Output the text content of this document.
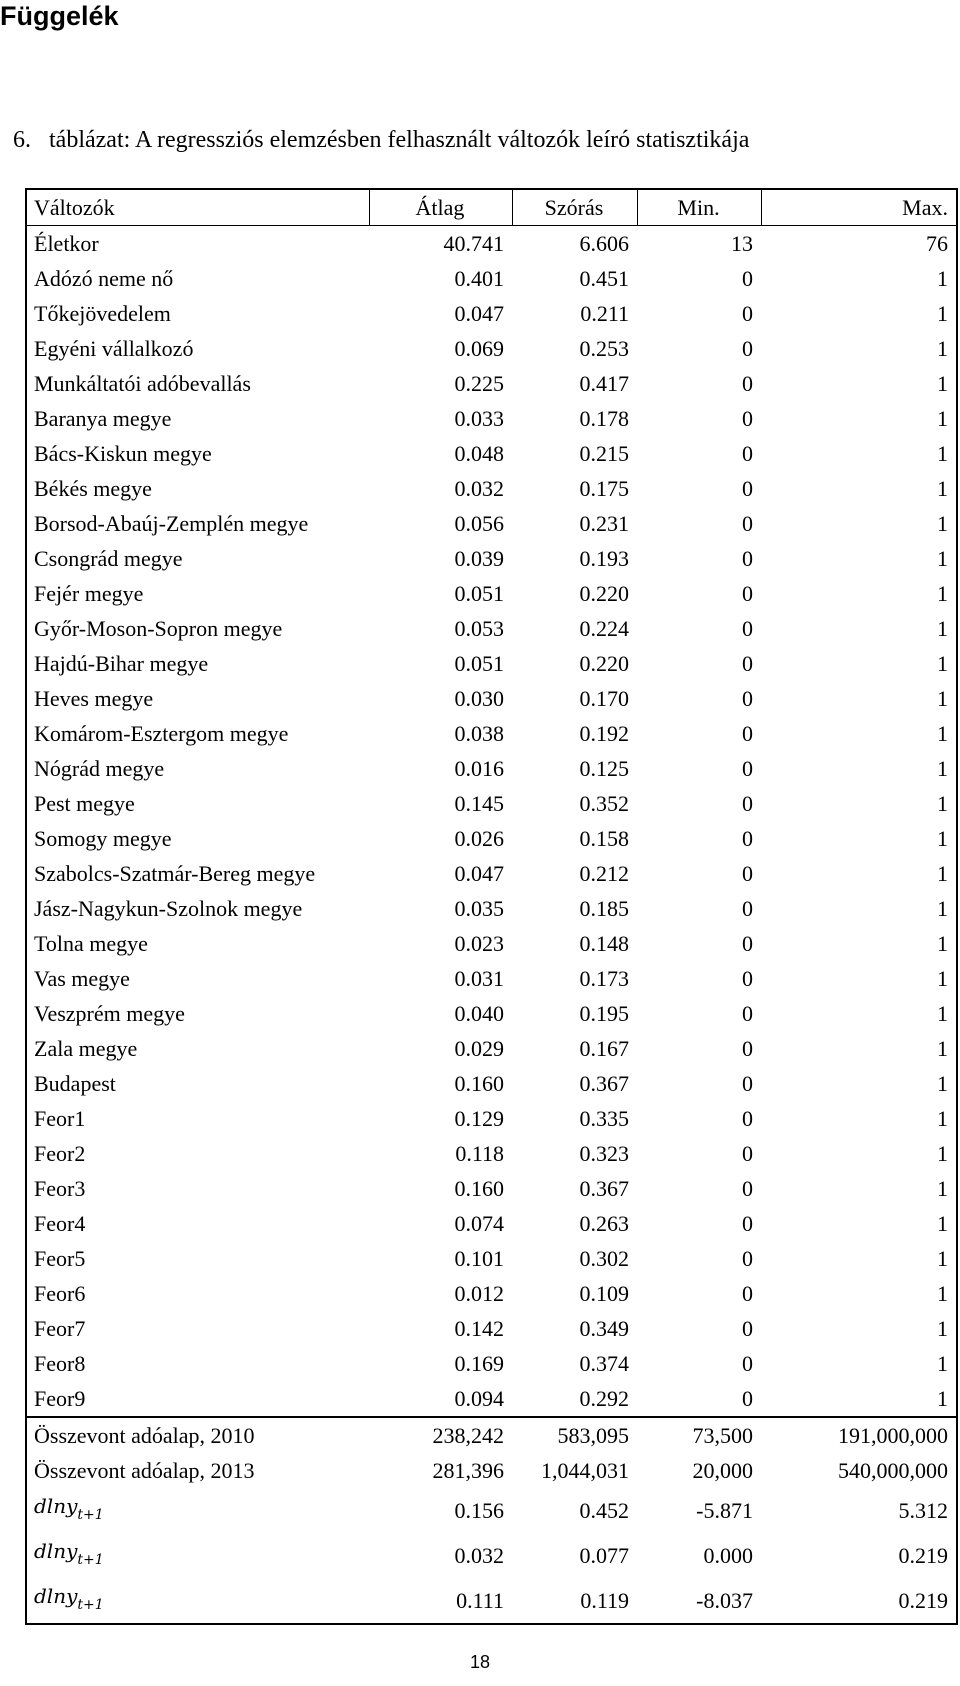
Függelék
6. táblázat: A regressziós elemzésben felhasznált változók leíró statisztikája
Változók	Átlag	Szórás	Min.	Max.
Életkor	40.741	6.606	13	76
Adózó neme nő	0.401	0.451	0	1
Tőkejövedelem	0.047	0.211	0	1
Egyéni vállalkozó	0.069	0.253	0	1
Munkáltatói adóbevallás	0.225	0.417	0	1
Baranya megye	0.033	0.178	0	1
Bács-Kiskun megye	0.048	0.215	0	1
Békés megye	0.032	0.175	0	1
Borsod-Abaúj-Zemplén megye	0.056	0.231	0	1
Csongrád megye	0.039	0.193	0	1
Fejér megye	0.051	0.220	0	1
Győr-Moson-Sopron megye	0.053	0.224	0	1
Hajdú-Bihar megye	0.051	0.220	0	1
Heves megye	0.030	0.170	0	1
Komárom-Esztergom megye	0.038	0.192	0	1
Nógrád megye	0.016	0.125	0	1
Pest megye	0.145	0.352	0	1
Somogy megye	0.026	0.158	0	1
Szabolcs-Szatmár-Bereg megye	0.047	0.212	0	1
Jász-Nagykun-Szolnok megye	0.035	0.185	0	1
Tolna megye	0.023	0.148	0	1
Vas megye	0.031	0.173	0	1
Veszprém megye	0.040	0.195	0	1
Zala megye	0.029	0.167	0	1
Budapest	0.160	0.367	0	1
Feor1	0.129	0.335	0	1
Feor2	0.118	0.323	0	1
Feor3	0.160	0.367	0	1
Feor4	0.074	0.263	0	1
Feor5	0.101	0.302	0	1
Feor6	0.012	0.109	0	1
Feor7	0.142	0.349	0	1
Feor8	0.169	0.374	0	1
Feor9	0.094	0.292	0	1
Összevont adóalap, 2010	238,242	583,095	73,500	191,000,000
Összevont adóalap, 2013	281,396	1,044,031	20,000	540,000,000
dlny$_{t+1}$	0.156	0.452	-5.871	5.312
dlny$_{t+1}$	0.032	0.077	0.000	0.219
dlny$_{t+1}$	0.111	0.119	-8.037	0.219
18
